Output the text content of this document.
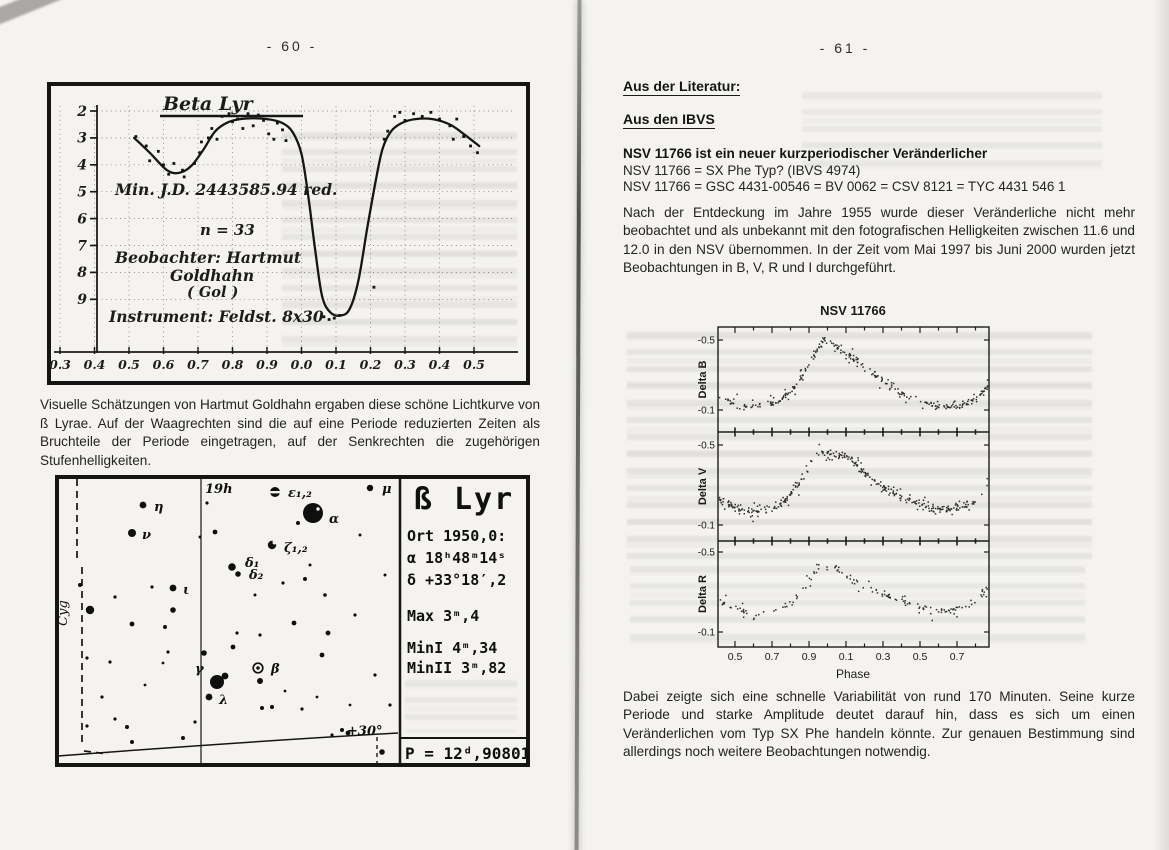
- 60 -
0.3 0.4 0.5 0.6 0.7 0.8 0.9 0.0 0.1 0.2 0.3 0.4 0.5
2
3
4
5
6
7
8
9
Beta Lyr
Min. J.D. 2443585.94 red.
n = 33
Beobachter: Hartmut
Goldhahn
( Gol )
Instrument: Feldst. 8x30

Visuelle Schätzungen von Hartmut Goldhahn ergaben diese schöne Lichtkurve von ß Lyrae. Auf der Waagrechten sind die auf eine Periode reduzierten Zeiten als Bruchteile der Periode eingetragen, auf der Senkrechten die zugehörigen Stufenhelligkeiten.

19h
η
ε₁,₂	μ
ν
α
ζ₁,₂
δ₁
δ₂
ι
γ	β
λ
+30°
Cyg
ß Lyr
Ort 1950,0:
α 18ʰ48ᵐ14ˢ
δ +33°18′,2
Max 3ᵐ,4
MinI 4ᵐ,34
MinII 3ᵐ,82
P = 12ᵈ,90801
- 61 -
Aus der Literatur:
Aus den IBVS
NSV 11766 ist ein neuer kurzperiodischer Veränderlicher
NSV 11766 = SX Phe Typ? (IBVS 4974)
NSV 11766 = GSC 4431-00546 = BV 0062 = CSV 8121 = TYC 4431 546 1

Nach der Entdeckung im Jahre 1955 wurde dieser Veränderliche nicht mehr beobachtet und als unbekannt mit den fotografischen Helligkeiten zwischen 11.6 und 12.0 in den NSV übernommen. In der Zeit vom Mai 1997 bis Juni 2000 wurden jetzt Beobachtungen in B, V, R und I durchgeführt.

NSV 11766
0.5 0.7 0.9 0.1 0.3 0.5 0.7
-0.5
-0.1
Delta B
-0.5
-0.1
Delta V
-0.5
-0.1
Delta R
Phase

Dabei zeigte sich eine schnelle Variabilität von rund 170 Minuten. Seine kurze Periode und starke Amplitude deutet darauf hin, dass es sich um einen Veränderlichen vom Typ SX Phe handeln könnte. Zur genauen Bestimmung sind allerdings noch weitere Beobachtungen notwendig.
